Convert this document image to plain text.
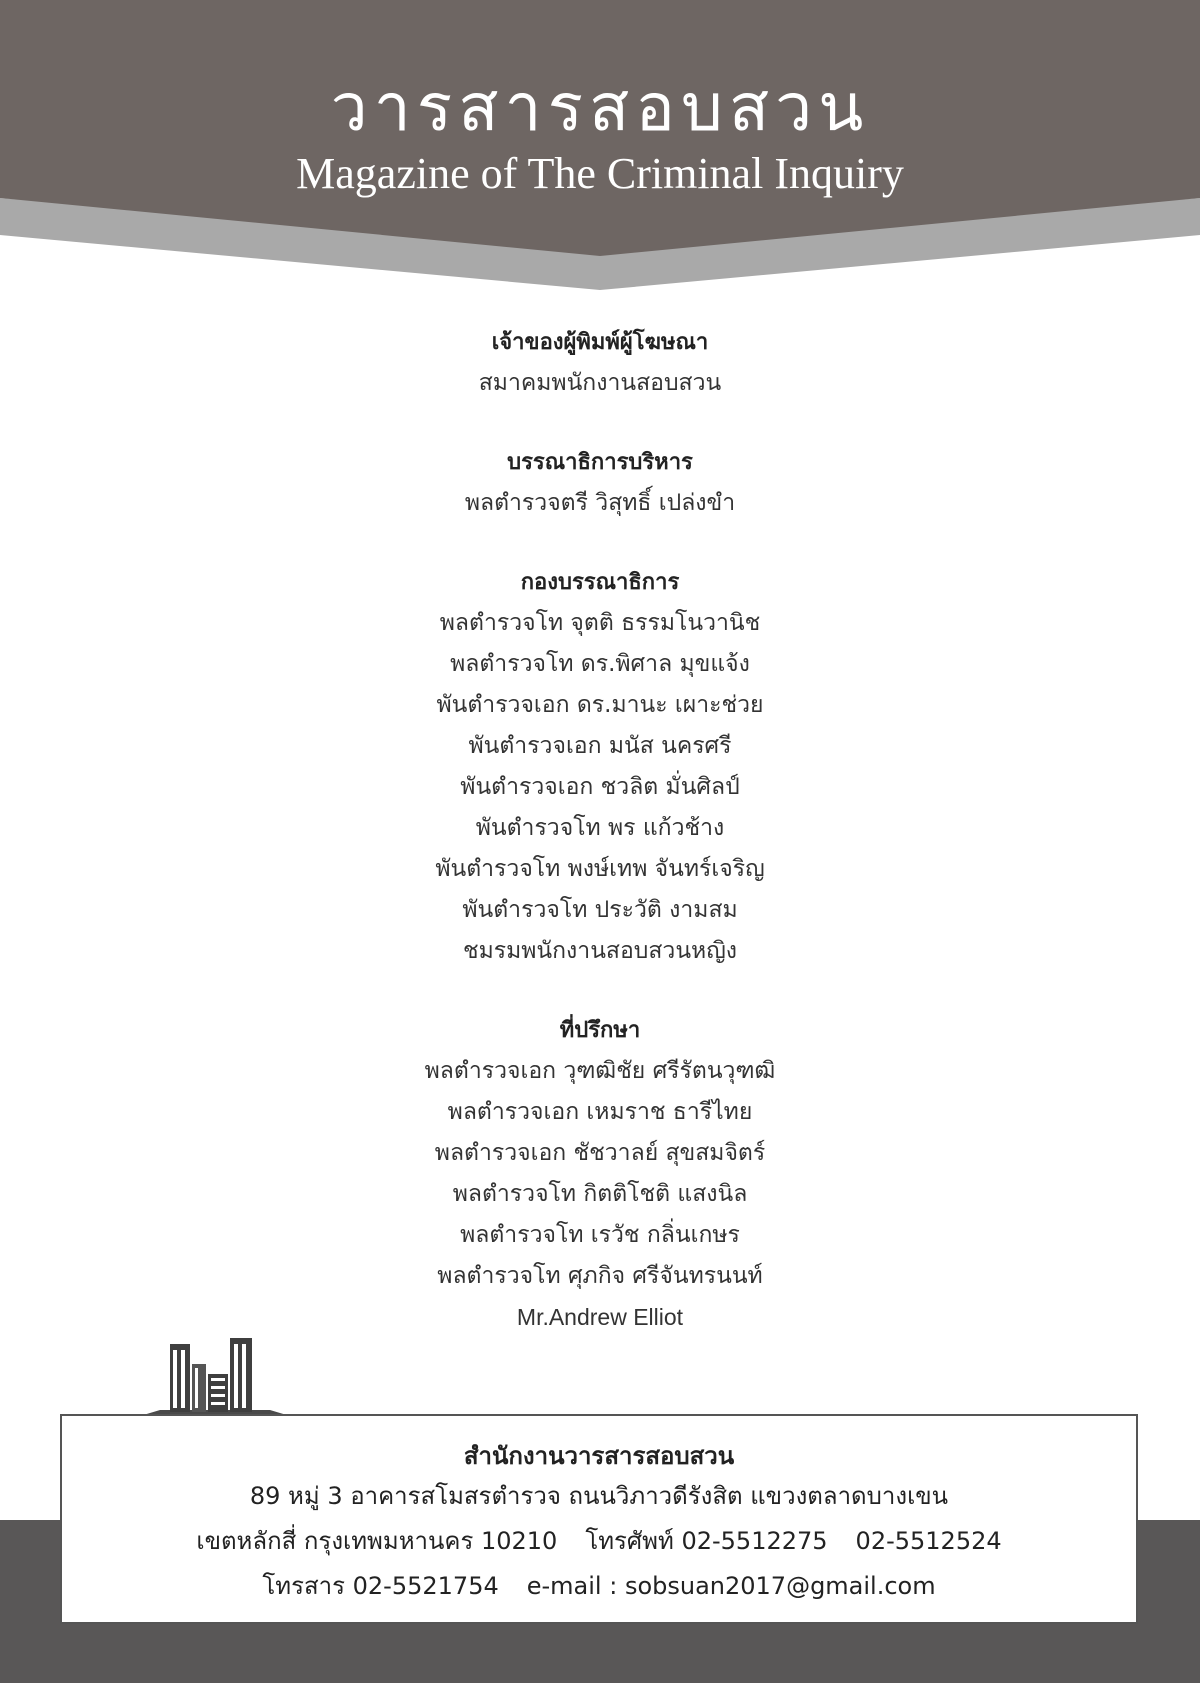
วารสารสอบสวน
Magazine of The Criminal Inquiry
เจ้าของผู้พิมพ์ผู้โฆษณา
สมาคมพนักงานสอบสวน
บรรณาธิการบริหาร
พลตำรวจตรี วิสุทธิ์ เปล่งขำ
กองบรรณาธิการ
พลตำรวจโท จุตติ ธรรมโนวานิช
พลตำรวจโท ดร.พิศาล มุขแจ้ง
พันตำรวจเอก ดร.มานะ เผาะช่วย
พันตำรวจเอก มนัส นครศรี
พันตำรวจเอก ชวลิต มั่นศิลป์
พันตำรวจโท พร แก้วช้าง
พันตำรวจโท พงษ์เทพ จันทร์เจริญ
พันตำรวจโท ประวัติ งามสม
ชมรมพนักงานสอบสวนหญิง
ที่ปรึกษา
พลตำรวจเอก วุฑฒิชัย ศรีรัตนวุฑฒิ
พลตำรวจเอก เหมราช ธารีไทย
พลตำรวจเอก ชัชวาลย์ สุขสมจิตร์
พลตำรวจโท กิตติโชติ แสงนิล
พลตำรวจโท เรวัช กลิ่นเกษร
พลตำรวจโท ศุภกิจ ศรีจันทรนนท์
Mr.Andrew Elliot
สำนักงานวารสารสอบสวน
89 หมู่ 3 อาคารสโมสรตำรวจ ถนนวิภาวดีรังสิต แขวงตลาดบางเขน
เขตหลักสี่ กรุงเทพมหานคร 10210 โทรศัพท์ 02-5512275 02-5512524
โทรสาร 02-5521754 e-mail : sobsuan2017@gmail.com
